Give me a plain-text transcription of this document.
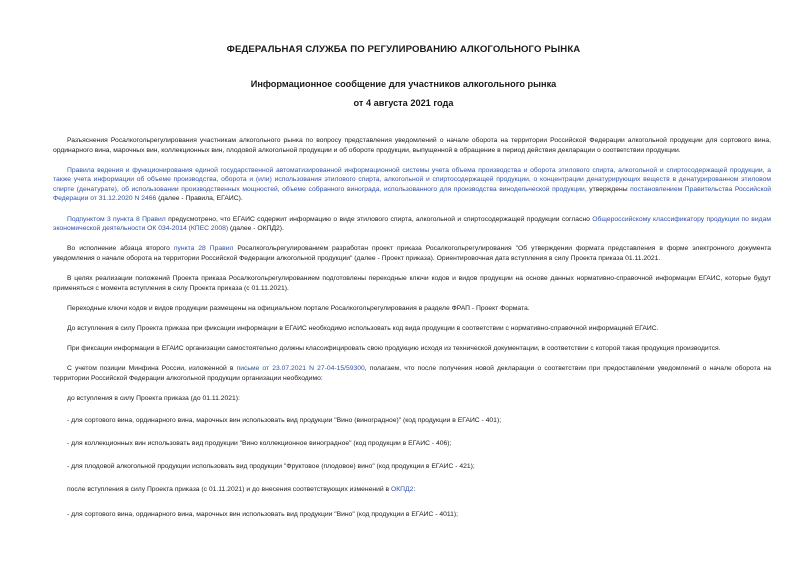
ФЕДЕРАЛЬНАЯ СЛУЖБА ПО РЕГУЛИРОВАНИЮ АЛКОГОЛЬНОГО РЫНКА
Информационное сообщение для участников алкогольного рынка
от 4 августа 2021 года

Разъяснения Росалкогольрегулирования участникам алкогольного рынка по вопросу представления уведомлений о начале оборота на территории Российской Федерации алкогольной продукции для сортового вина, ординарного вина, марочных вин, коллекционных вин, плодовой алкогольной продукции и об обороте продукции, выпущенной в обращение в период действия декларации о соответствии продукции.

Правила ведения и функционирования единой государственной автоматизированной информационной системы учета объема производства и оборота этилового спирта, алкогольной и спиртосодержащей продукции, а также учета информации об объеме производства, оборота и (или) использования этилового спирта, алкогольной и спиртосодержащей продукции, о концентрации денатурирующих веществ в денатурированном этиловом спирте (денатурате), об использовании производственных мощностей, объеме собранного винограда, использованного для производства винодельческой продукции, утверждены постановлением Правительства Российской Федерации от 31.12.2020 N 2466 (далее - Правила, ЕГАИС).

Подпунктом 3 пункта 8 Правил предусмотрено, что ЕГАИС содержит информацию о виде этилового спирта, алкогольной и спиртосодержащей продукции согласно Общероссийскому классификатору продукции по видам экономической деятельности ОК 034-2014 (КПЕС 2008) (далее - ОКПД2).

Во исполнение абзаца второго пункта 28 Правил Росалкогольрегулированием разработан проект приказа Росалкогольрегулирования "Об утверждении формата представления в форме электронного документа уведомления о начале оборота на территории Российской Федерации алкогольной продукции" (далее - Проект приказа). Ориентировочная дата вступления в силу Проекта приказа 01.11.2021.

В целях реализации положений Проекта приказа Росалкогольрегулированием подготовлены переходные ключи кодов и видов продукции на основе данных нормативно-справочной информации ЕГАИС, которые будут применяться с момента вступления в силу Проекта приказа (с 01.11.2021).

Переходные ключи кодов и видов продукции размещены на официальном портале Росалкогольрегулирования в разделе ФРАП - Проект Формата.

До вступления в силу Проекта приказа при фиксации информации в ЕГАИС необходимо использовать код вида продукции в соответствии с нормативно-справочной информацией ЕГАИС.

При фиксации информации в ЕГАИС организации самостоятельно должны классифицировать свою продукцию исходя из технической документации, в соответствии с которой такая продукция производится.

С учетом позиции Минфина России, изложенной в письме от 23.07.2021 N 27-04-15/59300, полагаем, что после получения новой декларации о соответствии при предоставлении уведомлений о начале оборота на территории Российской Федерации алкогольной продукции организации необходимо:

до вступления в силу Проекта приказа (до 01.11.2021):

- для сортового вина, ординарного вина, марочных вин использовать вид продукции "Вино (виноградное)" (код продукции в ЕГАИС - 401);

- для коллекционных вин использовать вид продукции "Вино коллекционное виноградное" (код продукции в ЕГАИС - 406);

- для плодовой алкогольной продукции использовать вид продукции "Фруктовое (плодовое) вино" (код продукции в ЕГАИС - 421);

после вступления в силу Проекта приказа (с 01.11.2021) и до внесения соответствующих изменений в ОКПД2:

- для сортового вина, ординарного вина, марочных вин использовать вид продукции "Вино" (код продукции в ЕГАИС - 4011);
